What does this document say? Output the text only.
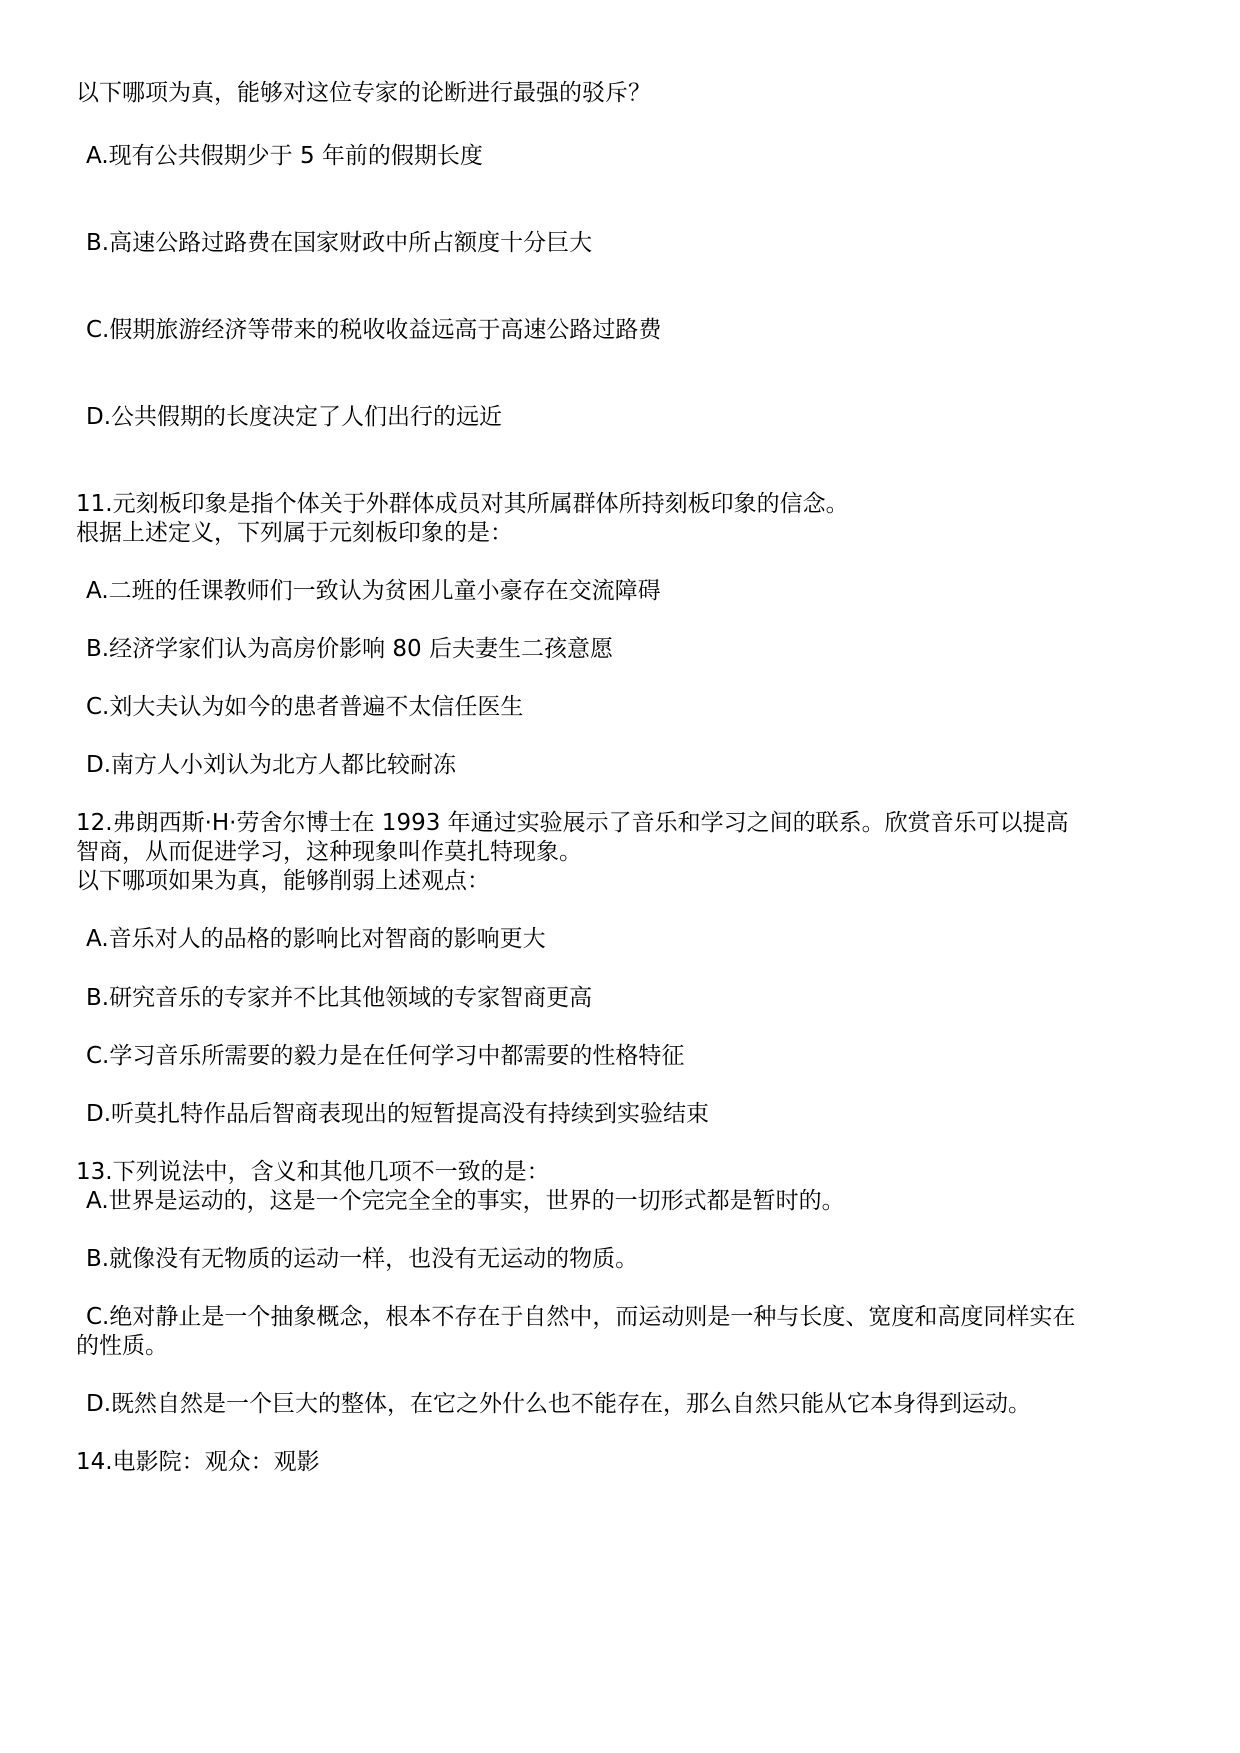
以下哪项为真，能够对这位专家的论断进行最强的驳斥？
A.现有公共假期少于 5 年前的假期长度
B.高速公路过路费在国家财政中所占额度十分巨大
C.假期旅游经济等带来的税收收益远高于高速公路过路费
D.公共假期的长度决定了人们出行的远近
11.元刻板印象是指个体关于外群体成员对其所属群体所持刻板印象的信念。
根据上述定义，下列属于元刻板印象的是：
A.二班的任课教师们一致认为贫困儿童小豪存在交流障碍
B.经济学家们认为高房价影响 80 后夫妻生二孩意愿
C.刘大夫认为如今的患者普遍不太信任医生
D.南方人小刘认为北方人都比较耐冻
12.弗朗西斯·H·劳舍尔博士在 1993 年通过实验展示了音乐和学习之间的联系。欣赏音乐可以提高
智商，从而促进学习，这种现象叫作莫扎特现象。
以下哪项如果为真，能够削弱上述观点：
A.音乐对人的品格的影响比对智商的影响更大
B.研究音乐的专家并不比其他领域的专家智商更高
C.学习音乐所需要的毅力是在任何学习中都需要的性格特征
D.听莫扎特作品后智商表现出的短暂提高没有持续到实验结束
13.下列说法中，含义和其他几项不一致的是：
A.世界是运动的，这是一个完完全全的事实，世界的一切形式都是暂时的。
B.就像没有无物质的运动一样，也没有无运动的物质。
C.绝对静止是一个抽象概念，根本不存在于自然中，而运动则是一种与长度、宽度和高度同样实在
的性质。
D.既然自然是一个巨大的整体，在它之外什么也不能存在，那么自然只能从它本身得到运动。
14.电影院：观众：观影
